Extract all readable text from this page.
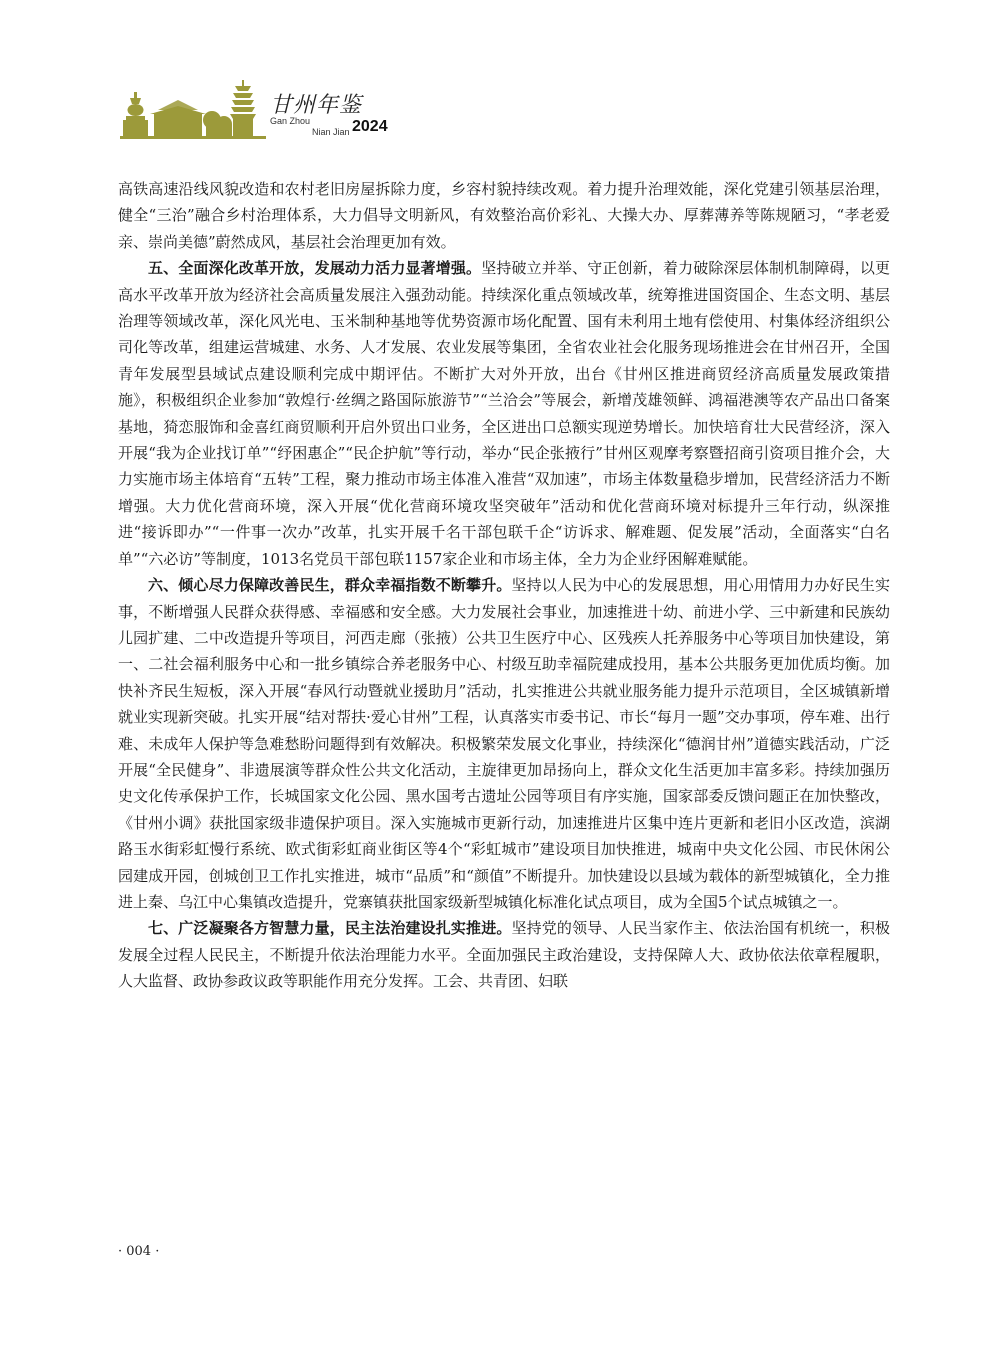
甘州年鉴
Gan Zhou
Nian Jian 2024

高铁高速沿线风貌改造和农村老旧房屋拆除力度，乡容村貌持续改观。着力提升治理效能，深化党建引领基层治理，健全“三治”融合乡村治理体系，大力倡导文明新风，有效整治高价彩礼、大操大办、厚葬薄养等陈规陋习，“孝老爱亲、崇尚美德”蔚然成风，基层社会治理更加有效。

五、全面深化改革开放，发展动力活力显著增强。坚持破立并举、守正创新，着力破除深层体制机制障碍，以更高水平改革开放为经济社会高质量发展注入强劲动能。持续深化重点领域改革，统筹推进国资国企、生态文明、基层治理等领域改革，深化风光电、玉米制种基地等优势资源市场化配置、国有未利用土地有偿使用、村集体经济组织公司化等改革，组建运营城建、水务、人才发展、农业发展等集团，全省农业社会化服务现场推进会在甘州召开，全国青年发展型县域试点建设顺利完成中期评估。不断扩大对外开放，出台《甘州区推进商贸经济高质量发展政策措施》，积极组织企业参加“敦煌行·丝绸之路国际旅游节”“兰洽会”等展会，新增茂雄领鲜、鸿福港澳等农产品出口备案基地，猗恋服饰和金喜红商贸顺利开启外贸出口业务，全区进出口总额实现逆势增长。加快培育壮大民营经济，深入开展“我为企业找订单”“纾困惠企”“民企护航”等行动，举办“民企张掖行”甘州区观摩考察暨招商引资项目推介会，大力实施市场主体培育“五转”工程，聚力推动市场主体准入准营“双加速”，市场主体数量稳步增加，民营经济活力不断增强。大力优化营商环境，深入开展“优化营商环境攻坚突破年”活动和优化营商环境对标提升三年行动，纵深推进“接诉即办”“一件事一次办”改革，扎实开展千名干部包联千企“访诉求、解难题、促发展”活动，全面落实“白名单”“六必访”等制度，1013名党员干部包联1157家企业和市场主体，全力为企业纾困解难赋能。

六、倾心尽力保障改善民生，群众幸福指数不断攀升。坚持以人民为中心的发展思想，用心用情用力办好民生实事，不断增强人民群众获得感、幸福感和安全感。大力发展社会事业，加速推进十幼、前进小学、三中新建和民族幼儿园扩建、二中改造提升等项目，河西走廊（张掖）公共卫生医疗中心、区残疾人托养服务中心等项目加快建设，第一、二社会福利服务中心和一批乡镇综合养老服务中心、村级互助幸福院建成投用，基本公共服务更加优质均衡。加快补齐民生短板，深入开展“春风行动暨就业援助月”活动，扎实推进公共就业服务能力提升示范项目，全区城镇新增就业实现新突破。扎实开展“结对帮扶·爱心甘州”工程，认真落实市委书记、市长“每月一题”交办事项，停车难、出行难、未成年人保护等急难愁盼问题得到有效解决。积极繁荣发展文化事业，持续深化“德润甘州”道德实践活动，广泛开展“全民健身”、非遗展演等群众性公共文化活动，主旋律更加昂扬向上，群众文化生活更加丰富多彩。持续加强历史文化传承保护工作，长城国家文化公园、黑水国考古遗址公园等项目有序实施，国家部委反馈问题正在加快整改，《甘州小调》获批国家级非遗保护项目。深入实施城市更新行动，加速推进片区集中连片更新和老旧小区改造，滨湖路玉水街彩虹慢行系统、欧式街彩虹商业街区等4个“彩虹城市”建设项目加快推进，城南中央文化公园、市民休闲公园建成开园，创城创卫工作扎实推进，城市“品质”和“颜值”不断提升。加快建设以县域为载体的新型城镇化，全力推进上秦、乌江中心集镇改造提升，党寨镇获批国家级新型城镇化标准化试点项目，成为全国5个试点城镇之一。

七、广泛凝聚各方智慧力量，民主法治建设扎实推进。坚持党的领导、人民当家作主、依法治国有机统一，积极发展全过程人民民主，不断提升依法治理能力水平。全面加强民主政治建设，支持保障人大、政协依法依章程履职，人大监督、政协参政议政等职能作用充分发挥。工会、共青团、妇联

· 004 ·
